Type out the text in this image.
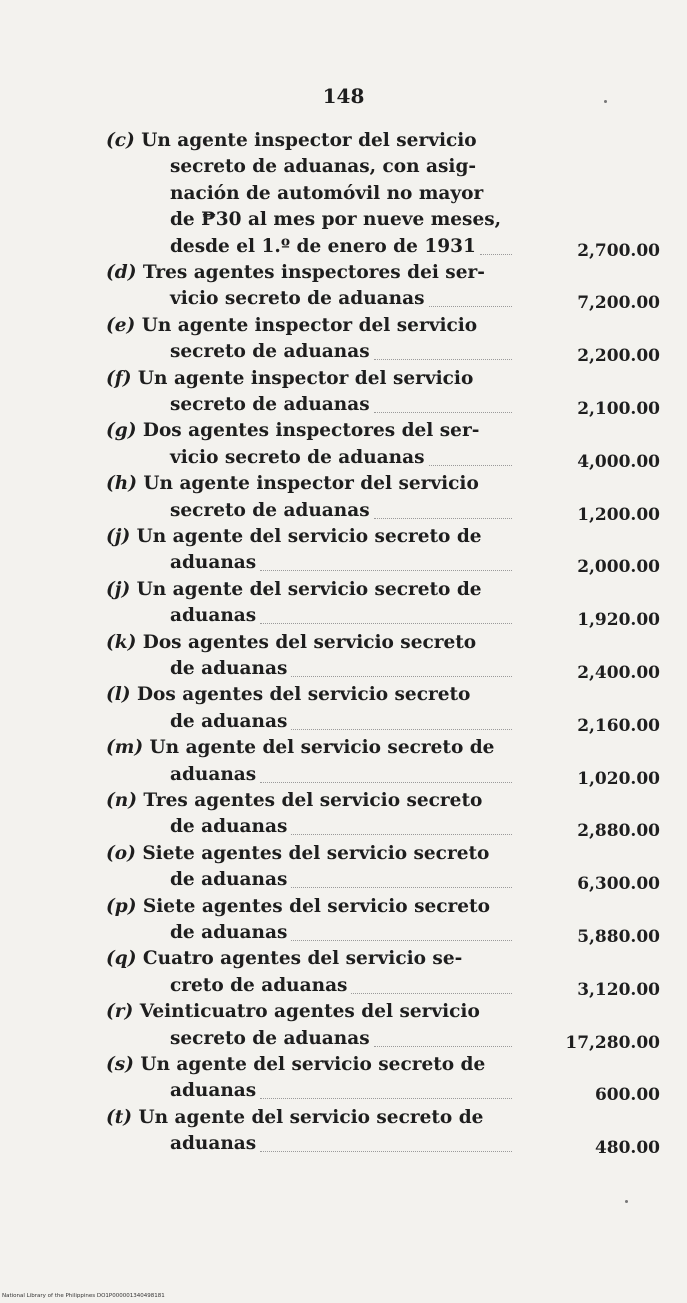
148
(c) Un agente inspector del servicio
secreto de aduanas, con asig-
nación de automóvil no mayor
de ₱30 al mes por nueve meses,
desde el 1.º de enero de 1931	2,700.00
(d) Tres agentes inspectores dei ser-
vicio secreto de aduanas	7,200.00
(e) Un agente inspector del servicio
secreto de aduanas	2,200.00
(f) Un agente inspector del servicio
secreto de aduanas	2,100.00
(g) Dos agentes inspectores del ser-
vicio secreto de aduanas	4,000.00
(h) Un agente inspector del servicio
secreto de aduanas	1,200.00
(j) Un agente del servicio secreto de
aduanas	2,000.00
(j) Un agente del servicio secreto de
aduanas	1,920.00
(k) Dos agentes del servicio secreto
de aduanas	2,400.00
(l) Dos agentes del servicio secreto
de aduanas	2,160.00
(m) Un agente del servicio secreto de
aduanas	1,020.00
(n) Tres agentes del servicio secreto
de aduanas	2,880.00
(o) Siete agentes del servicio secreto
de aduanas	6,300.00
(p) Siete agentes del servicio secreto
de aduanas	5,880.00
(q) Cuatro agentes del servicio se-
creto de aduanas	3,120.00
(r) Veinticuatro agentes del servicio
secreto de aduanas	17,280.00
(s) Un agente del servicio secreto de
aduanas	600.00
(t) Un agente del servicio secreto de
aduanas	480.00
National Library of the Philippines DO1P000001340498181
